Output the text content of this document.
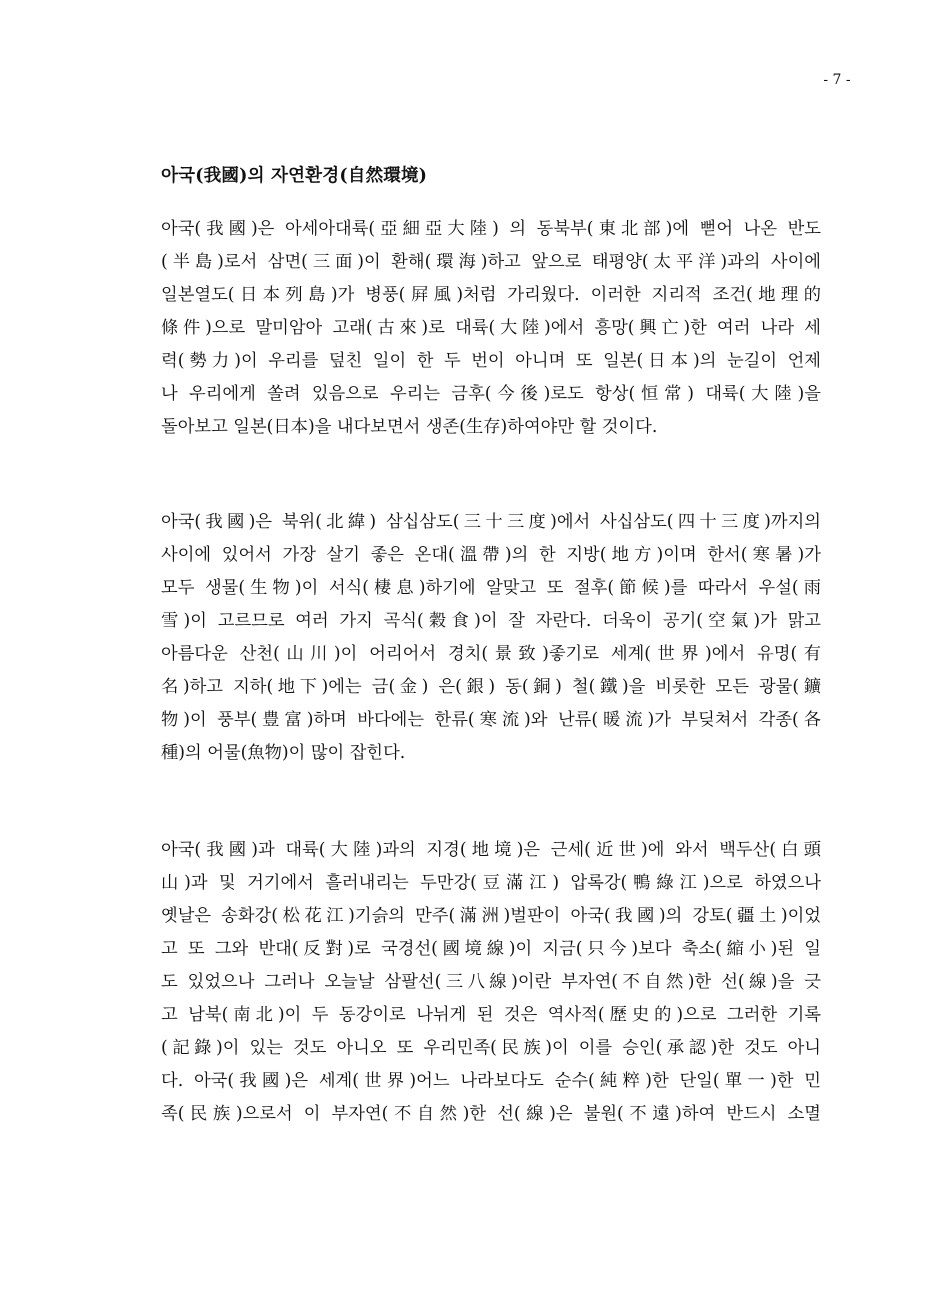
- 7 -
아국(我國)의 자연환경(自然環境)
아국(我國)은 아세아대륙(亞細亞大陸) 의 동북부(東北部)에 뻗어 나온 반도
(半島)로서 삼면(三面)이 환해(環海)하고 앞으로 태평양(太平洋)과의 사이에
일본열도(日本列島)가 병풍(屛風)처럼 가리웠다. 이러한 지리적 조건(地理的
條件)으로 말미암아 고래(古來)로 대륙(大陸)에서 흥망(興亡)한 여러 나라 세
력(勢力)이 우리를 덮친 일이 한 두 번이 아니며 또 일본(日本)의 눈길이 언제
나 우리에게 쏠려 있음으로 우리는 금후(今後)로도 항상(恒常) 대륙(大陸)을
돌아보고 일본(日本)을 내다보면서 생존(生存)하여야만 할 것이다.
아국(我國)은 북위(北緯) 삼십삼도(三十三度)에서 사십삼도(四十三度)까지의
사이에 있어서 가장 살기 좋은 온대(溫帶)의 한 지방(地方)이며 한서(寒暑)가
모두 생물(生物)이 서식(棲息)하기에 알맞고 또 절후(節候)를 따라서 우설(雨
雪)이 고르므로 여러 가지 곡식(穀食)이 잘 자란다. 더욱이 공기(空氣)가 맑고
아름다운 산천(山川)이 어리어서 경치(景致)좋기로 세계(世界)에서 유명(有
名)하고 지하(地下)에는 금(金) 은(銀) 동(銅) 철(鐵)을 비롯한 모든 광물(鑛
物)이 풍부(豊富)하며 바다에는 한류(寒流)와 난류(暖流)가 부딪쳐서 각종(各
種)의 어물(魚物)이 많이 잡힌다.
아국(我國)과 대륙(大陸)과의 지경(地境)은 근세(近世)에 와서 백두산(白頭
山)과 및 거기에서 흘러내리는 두만강(豆滿江) 압록강(鴨綠江)으로 하였으나
옛날은 송화강(松花江)기슭의 만주(滿洲)벌판이 아국(我國)의 강토(疆土)이었
고 또 그와 반대(反對)로 국경선(國境線)이 지금(只今)보다 축소(縮小)된 일
도 있었으나 그러나 오늘날 삼팔선(三八線)이란 부자연(不自然)한 선(線)을 긋
고 남북(南北)이 두 동강이로 나뉘게 된 것은 역사적(歷史的)으로 그러한 기록
(記錄)이 있는 것도 아니오 또 우리민족(民族)이 이를 승인(承認)한 것도 아니
다. 아국(我國)은 세계(世界)어느 나라보다도 순수(純粹)한 단일(單一)한 민
족(民族)으로서 이 부자연(不自然)한 선(線)은 불원(不遠)하여 반드시 소멸
